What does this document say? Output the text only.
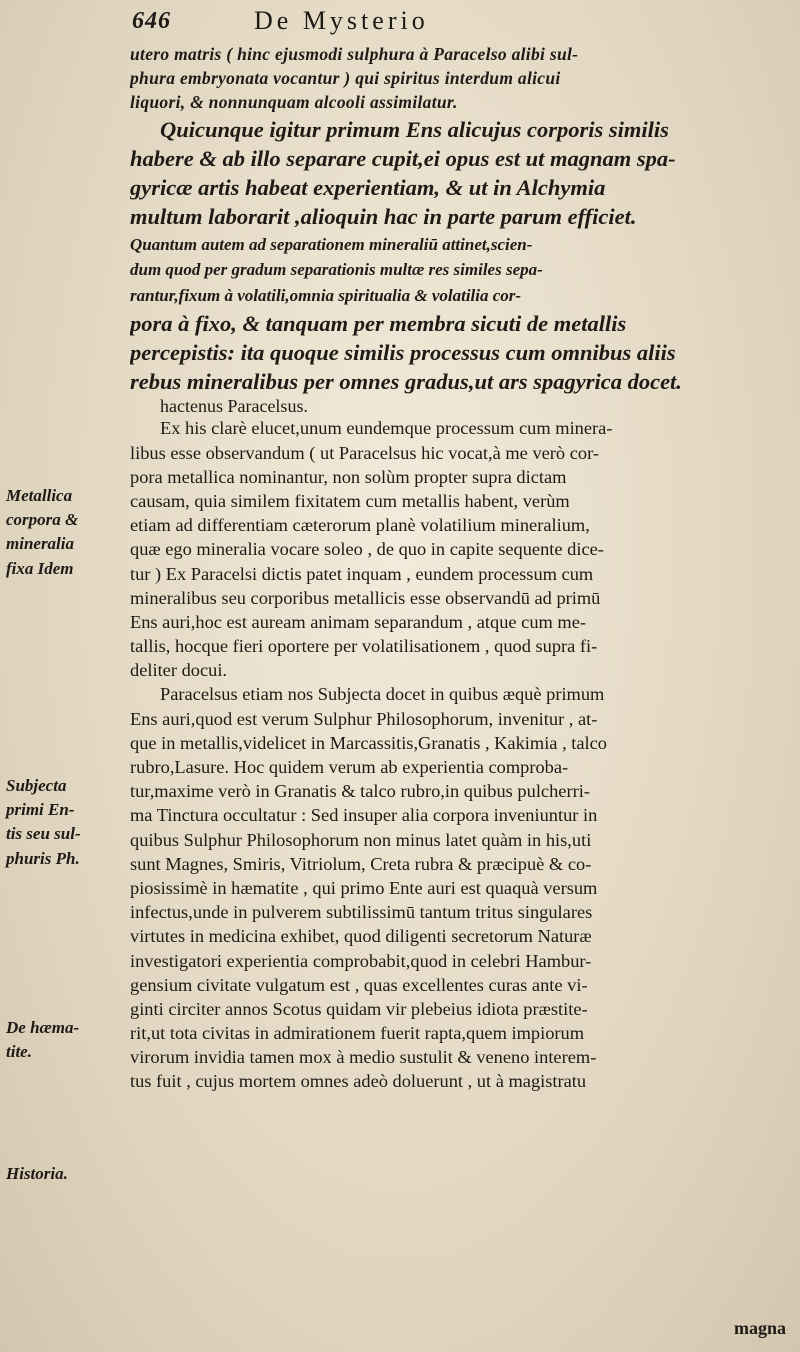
646	De Mysterio
utero matris ( hinc ejusmodi sulphura à Paracelso alibi sul-
phura embryonata vocantur ) qui spiritus interdum alicui
liquori, & nonnunquam alcooli assimilatur.
Quicunque igitur primum Ens alicujus corporis similis
habere & ab illo separare cupit,ei opus est ut magnam spa-
gyricæ artis habeat experientiam, & ut in Alchymia
multum laborarit ,alioquin hac in parte parum efficiet.
Quantum autem ad separationem mineraliū attinet,scien-
dum quod per gradum separationis multæ res similes sepa-
rantur,fixum à volatili,omnia spiritualia & volatilia cor-
pora à fixo, & tanquam per membra sicuti de metallis
percepistis: ita quoque similis processus cum omnibus aliis
rebus mineralibus per omnes gradus,ut ars spagyrica docet.
hactenus Paracelsus.
Ex his clarè elucet,unum eundemque processum cum minera-
libus esse observandum ( ut Paracelsus hic vocat,à me verò cor-
pora metallica nominantur, non solùm propter supra dictam
causam, quia similem fixitatem cum metallis habent, verùm
etiam ad differentiam cæterorum planè volatilium mineralium,
quæ ego mineralia vocare soleo , de quo in capite sequente dice-
tur ) Ex Paracelsi dictis patet inquam , eundem processum cum
mineralibus seu corporibus metallicis esse observandū ad primū
Ens auri,hoc est auream animam separandum , atque cum me-
tallis, hocque fieri oportere per volatilisationem , quod supra fi-
deliter docui.
Paracelsus etiam nos Subjecta docet in quibus æquè primum
Ens auri,quod est verum Sulphur Philosophorum, invenitur , at-
que in metallis,videlicet in Marcassitis,Granatis , Kakimia , talco
rubro,Lasure. Hoc quidem verum ab experientia comproba-
tur,maxime verò in Granatis & talco rubro,in quibus pulcherri-
ma Tinctura occultatur : Sed insuper alia corpora inveniuntur in
quibus Sulphur Philosophorum non minus latet quàm in his,uti
sunt Magnes, Smiris, Vitriolum, Creta rubra & præcipuè & co-
piosissimè in hæmatite , qui primo Ente auri est quaquà versum
infectus,unde in pulverem subtilissimū tantum tritus singulares
virtutes in medicina exhibet, quod diligenti secretorum Naturæ
investigatori experientia comprobabit,quod in celebri Hambur-
gensium civitate vulgatum est , quas excellentes curas ante vi-
ginti circiter annos Scotus quidam vir plebeius idiota præstite-
rit,ut tota civitas in admirationem fuerit rapta,quem impiorum
virorum invidia tamen mox à medio sustulit & veneno interem-
tus fuit , cujus mortem omnes adeò doluerunt , ut à magistratu
Metallica
corpora &
mineralia
fixa Idem
Subjecta
primi En-
tis seu sul-
phuris Ph.
De hæma-
tite.
Historia.
magna
